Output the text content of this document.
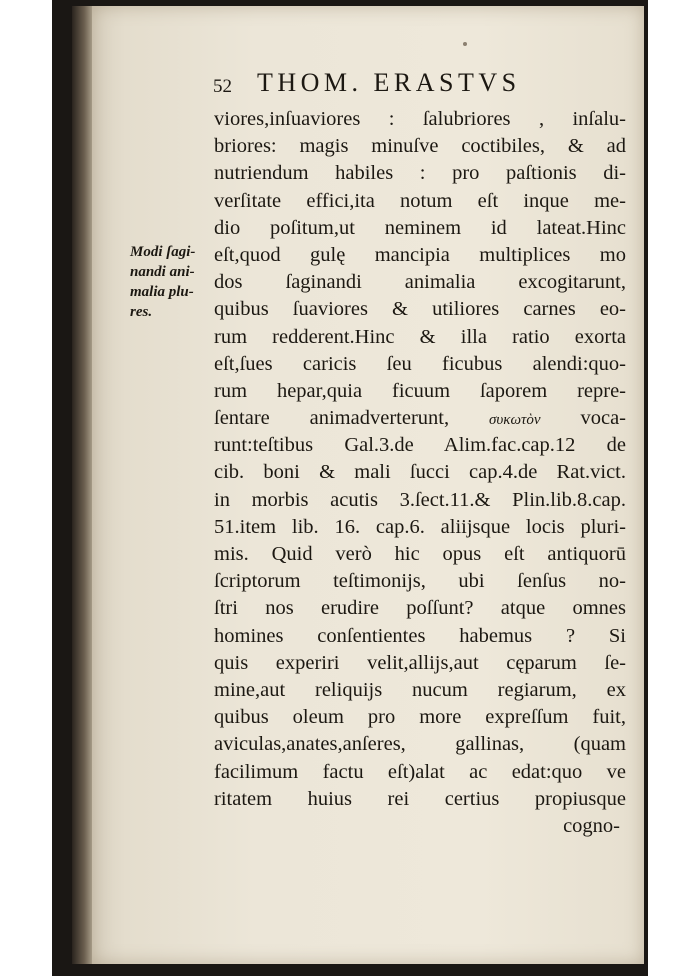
52 THOM. ERASTVS
Modi ſagi-
nandi ani-
malia plu-
res.
viores,inſuaviores : ſalubriores , inſalu-
briores: magis minuſve coctibiles, & ad
nutriendum habiles : pro paſtionis di-
verſitate effici,ita notum eſt inque me-
dio poſitum,ut neminem id lateat.Hinc
eſt,quod gulę mancipia multiplices mo
dos ſaginandi animalia excogitarunt,
quibus ſuaviores & utiliores carnes eo-
rum redderent.Hinc & illa ratio exorta
eſt,ſues caricis ſeu ficubus alendi:quo-
rum hepar,quia ficuum ſaporem repre-
ſentare animadverterunt,	συκωτὸν voca-
runt:teſtibus Gal.3.de Alim.fac.cap.12 de
cib. boni & mali ſucci cap.4.de Rat.vict.
in morbis acutis 3.ſect.11.& Plin.lib.8.cap.
51.item lib. 16. cap.6. aliijsque locis pluri-
mis. Quid verò hic opus eſt antiquorū
ſcriptorum teſtimonijs, ubi ſenſus no-
ſtri nos erudire poſſunt? atque omnes
homines conſentientes habemus ? Si
quis experiri velit,allijs,aut cęparum ſe-
mine,aut reliquijs nucum regiarum, ex
quibus oleum pro more expreſſum fuit,
aviculas,anates,anſeres, gallinas, (quam
facilimum factu eſt)alat ac edat:quo ve
ritatem huius rei certius propiusque
cogno-
